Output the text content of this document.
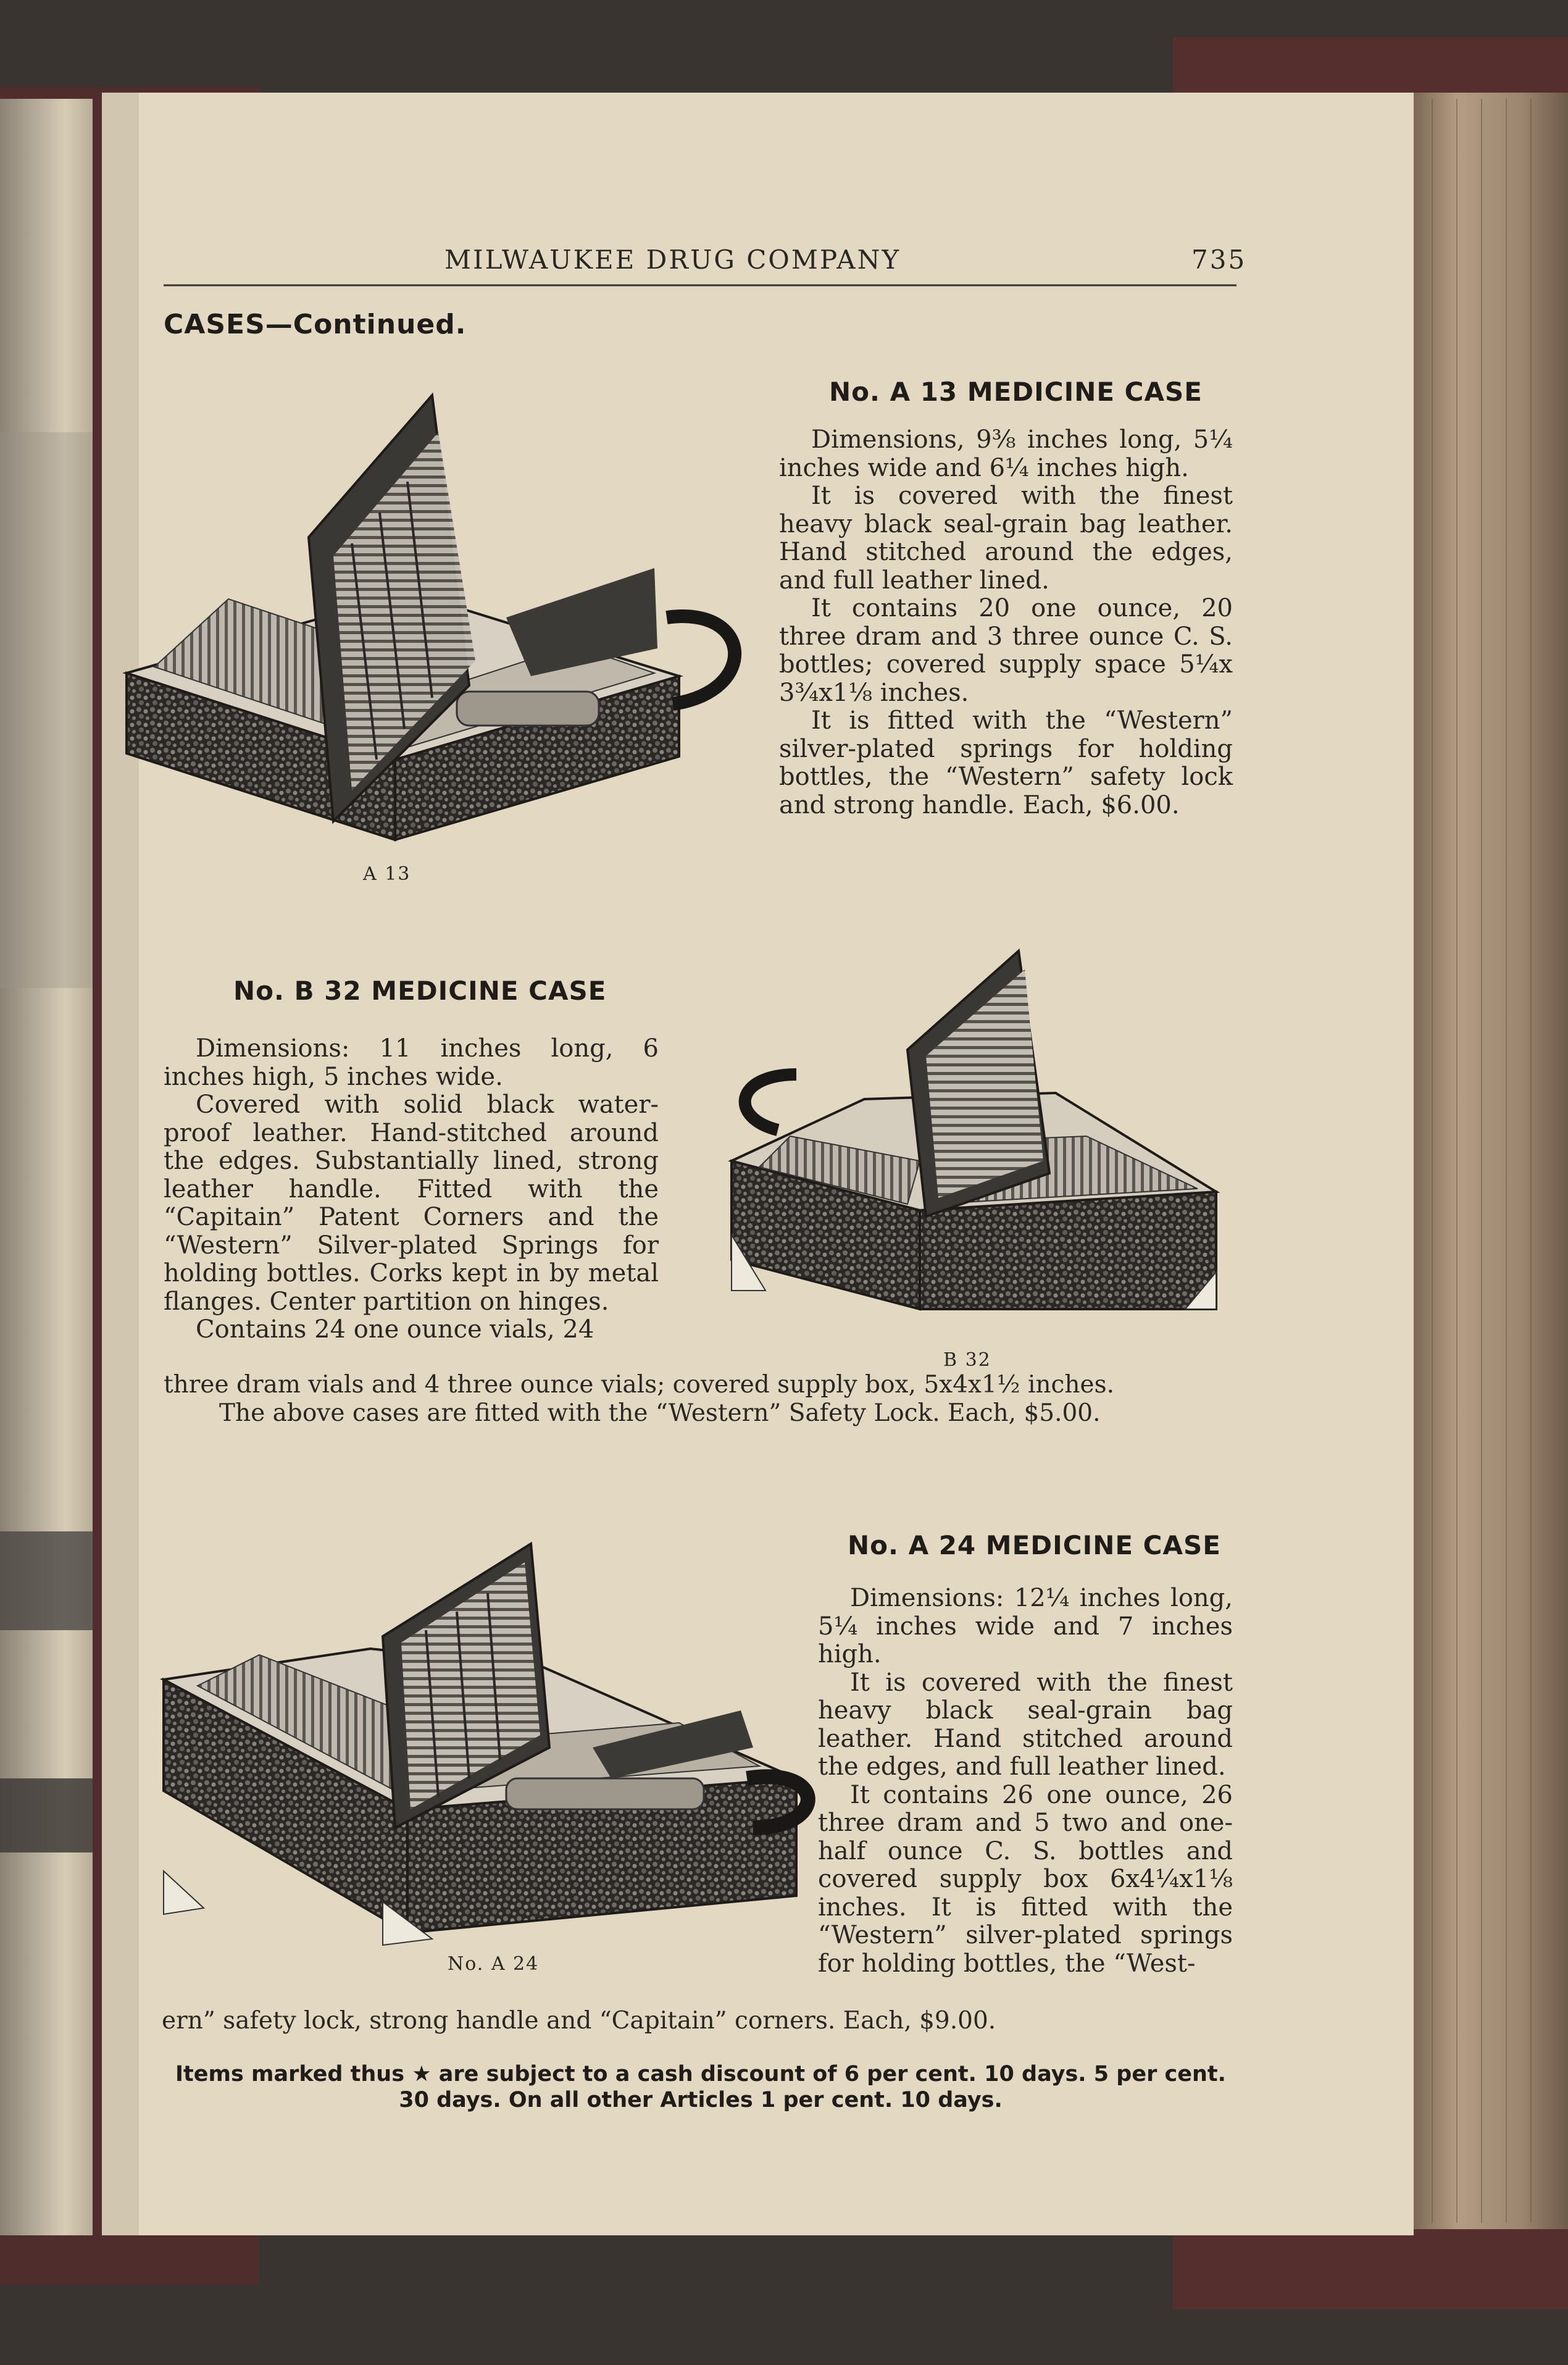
MILWAUKEE DRUG COMPANY	735
CASES—Continued.
No. A 13 MEDICINE CASE

Dimensions, 9⅜ inches long, 5¼ inches wide and 6¼ inches high.

It is covered with the finest heavy black seal-grain bag leather. Hand stitched around the edges, and full leather lined.

It contains 20 one ounce, 20 three dram and 3 three ounce C. S. bottles; covered supply space 5¼x 3¾x1⅛ inches.

It is fitted with the “Western” silver-plated springs for holding bottles, the “Western” safety lock and strong handle. Each, $6.00.

A 13
No. B 32 MEDICINE CASE

Dimensions: 11 inches long, 6 inches high, 5 inches wide.

Covered with solid black water-proof leather. Hand-stitched around the edges. Substantially lined, strong leather handle. Fitted with the “Capitain” Patent Corners and the “Western” Silver-plated Springs for holding bottles. Corks kept in by metal flanges. Center partition on hinges.

Contains 24 one ounce vials, 24

B 32
three dram vials and 4 three ounce vials; covered supply box, 5x4x1½ inches.
The above cases are fitted with the “Western” Safety Lock. Each, $5.00.
No. A 24 MEDICINE CASE

Dimensions: 12¼ inches long, 5¼ inches wide and 7 inches high.

It is covered with the finest heavy black seal-grain bag leather. Hand stitched around the edges, and full leather lined.

It contains 26 one ounce, 26 three dram and 5 two and one-half ounce C. S. bottles and covered supply box 6x4¼x1⅛ inches. It is fitted with the “Western” silver-plated springs for holding bottles, the “West-

No. A 24
ern” safety lock, strong handle and “Capitain” corners. Each, $9.00.
Items marked thus ★ are subject to a cash discount of 6 per cent. 10 days. 5 per cent.
30 days. On all other Articles 1 per cent. 10 days.
